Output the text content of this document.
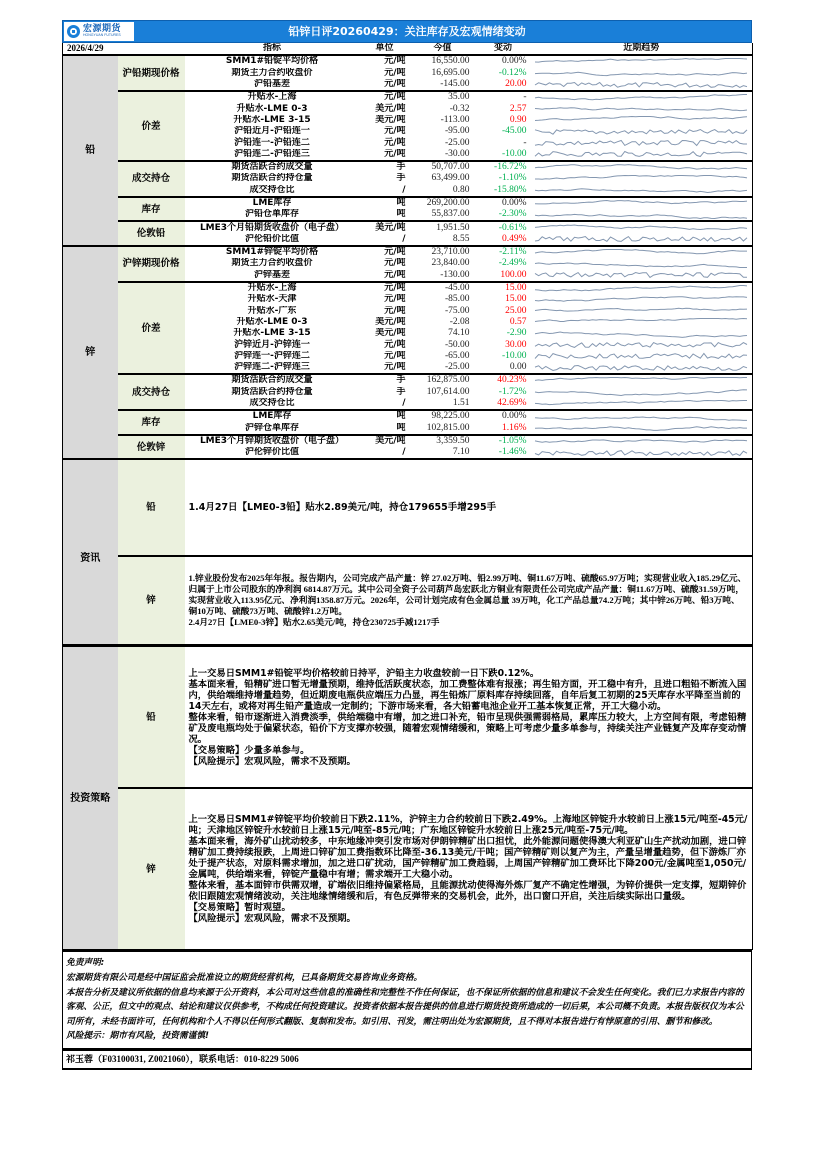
宏源期货
HONGYUAN FUTURES	铅锌日评20260429：关注库存及宏观情绪变动
2026/4/29		指标	单位	今值	变动	近期趋势
铅	沪铅期现价格	SMM1#铅锭平均价格	元/吨	16,550.00	0.00%	

		期货主力合约收盘价	元/吨	16,695.00	-0.12%	

		沪铅基差	元/吨	-145.00	20.00	

	价差	升贴水-上海	元/吨	35.00	-	

		升贴水-LME 0-3	美元/吨	-0.32	2.57	

		升贴水-LME 3-15	美元/吨	-113.00	0.90	

		沪铅近月-沪铅连一	元/吨	-95.00	-45.00	

		沪铅连一-沪铅连二	元/吨	-25.00	-	

		沪铅连二-沪铅连三	元/吨	-30.00	-10.00	

	成交持仓	期货活跃合约成交量	手	50,707.00	-16.72%	

		期货活跃合约持仓量	手	63,499.00	-1.10%	

		成交持仓比	/	0.80	-15.80%	

	库存	LME库存	吨	269,200.00	0.00%	

		沪铅仓单库存	吨	55,837.00	-2.30%	

	伦敦铅	LME3个月铅期货收盘价（电子盘）	美元/吨	1,951.50	-0.61%	

		沪伦铅价比值	/	8.55	0.49%	

锌	沪锌期现价格	SMM1#锌锭平均价格	元/吨	23,710.00	-2.11%	

		期货主力合约收盘价	元/吨	23,840.00	-2.49%	

		沪锌基差	元/吨	-130.00	100.00	

	价差	升贴水-上海	元/吨	-45.00	15.00	

		升贴水-天津	元/吨	-85.00	15.00	

		升贴水-广东	元/吨	-75.00	25.00	

		升贴水-LME 0-3	美元/吨	-2.08	0.57	

		升贴水-LME 3-15	美元/吨	74.10	-2.90	

		沪锌近月-沪锌连一	元/吨	-50.00	30.00	

		沪锌连一-沪锌连二	元/吨	-65.00	-10.00	

		沪锌连二-沪锌连三	元/吨	-25.00	0.00	

	成交持仓	期货活跃合约成交量	手	162,875.00	40.23%	

		期货活跃合约持仓量	手	107,614.00	-1.72%	

		成交持仓比	/	1.51	42.69%	

	库存	LME库存	吨	98,225.00	0.00%	

		沪锌仓单库存	吨	102,815.00	1.16%	

	伦敦锌	LME3个月锌期货收盘价（电子盘）	美元/吨	3,359.50	-1.05%	

		沪伦锌价比值	/	7.10	-1.46%	
资讯	铅	1.4月27日【LME0-3铅】贴水2.89美元/吨，持仓179655手增295手
	锌	1.锌业股份发布2025年年报。报告期内，公司完成产品产量：锌 27.02万吨、铅2.99万吨、铜11.67万吨、硫酸65.97万吨；实现营业收入185.29亿元、归属于上市公司股东的净利润 6814.87万元。其中公司全资子公司葫芦岛宏跃北方铜业有限责任公司完成产品产量：铜11.67万吨、硫酸31.59万吨，实现营业收入113.95亿元、净利润1358.87万元。2026年，公司计划完成有色金属总量 39万吨，化工产品总量74.2万吨；其中锌26万吨、铅3万吨、铜10万吨、硫酸73万吨、硫酸锌1.2万吨。
2.4月27日【LME0-3锌】贴水2.65美元/吨，持仓230725手减1217手
投资策略	铅	上一交易日SMM1#铅锭平均价格较前日持平，沪铅主力收盘较前一日下跌0.12%。
基本面来看，铅精矿进口暂无增量预期，维持低活跃度状态，加工费整体难有报涨；再生铅方面，开工稳中有升，且进口粗铅不断流入国内，供给端维持增量趋势，但近期废电瓶供应端压力凸显，再生铅炼厂原料库存持续回落，自年后复工初期的25天库存水平降至当前的14天左右，或将对再生铅产量造成一定制约；下游市场来看，各大铅蓄电池企业开工基本恢复正常，开工大稳小动。
整体来看，铅市逐渐进入消费淡季，供给端稳中有增，加之进口补充，铅市呈现供强需弱格局，累库压力较大，上方空间有限，考虑铅精矿及废电瓶均处于偏紧状态，铅价下方支撑亦较强，随着宏观情绪缓和，策略上可考虑少量多单参与，持续关注产业链复产及库存变动情况。
【交易策略】少量多单参与。
【风险提示】宏观风险，需求不及预期。

	锌	上一交易日SMM1#锌锭平均价较前日下跌2.11%，沪锌主力合约较前日下跌2.49%。上海地区锌锭升水较前日上涨15元/吨至-45元/吨；天津地区锌锭升水较前日上涨15元/吨至-85元/吨；广东地区锌锭升水较前日上涨25元/吨至-75元/吨。
基本面来看，海外矿山扰动较多，中东地缘冲突引发市场对伊朗锌精矿出口担忧，此外能源问题使得澳大利亚矿山生产扰动加剧，进口锌精矿加工费持续报跌，上周进口锌矿加工费指数环比降至-36.13美元/干吨；国产锌精矿则以复产为主，产量呈增量趋势，但下游炼厂亦处于提产状态，对原料需求增加，加之进口矿扰动，国产锌精矿加工费趋弱，上周国产锌精矿加工费环比下降200元/金属吨至1,050元/金属吨，供给端来看，锌锭产量稳中有增；需求端开工大稳小动。
整体来看，基本面锌市供需双增，矿端依旧维持偏紧格局，且能源扰动使得海外炼厂复产不确定性增强，为锌价提供一定支撑，短期锌价依旧跟随宏观情绪波动，关注地缘情绪缓和后，有色反弹带来的交易机会，此外，出口窗口开启，关注后续实际出口量级。
【交易策略】暂时观望。
【风险提示】宏观风险，需求不及预期。
免责声明:
宏源期货有限公司是经中国证监会批准设立的期货经营机构，已具备期货交易咨询业务资格。
本报告分析及建议所依据的信息均来源于公开资料，本公司对这些信息的准确性和完整性不作任何保证，也不保证所依据的信息和建议不会发生任何变化。我们已力求报告内容的客观、公正，但文中的观点、结论和建议仅供参考，不构成任何投资建议。投资者依据本报告提供的信息进行期货投资所造成的一切后果，本公司概不负责。本报告版权仅为本公司所有，未经书面许可，任何机构和个人不得以任何形式翻版、复制和发布。如引用、刊发，需注明出处为宏源期货，且不得对本报告进行有悖原意的引用、删节和修改。
风险提示：期市有风险，投资需谨慎!
祁玉蓉（F03100031, Z0021060），联系电话：010-8229 5006
